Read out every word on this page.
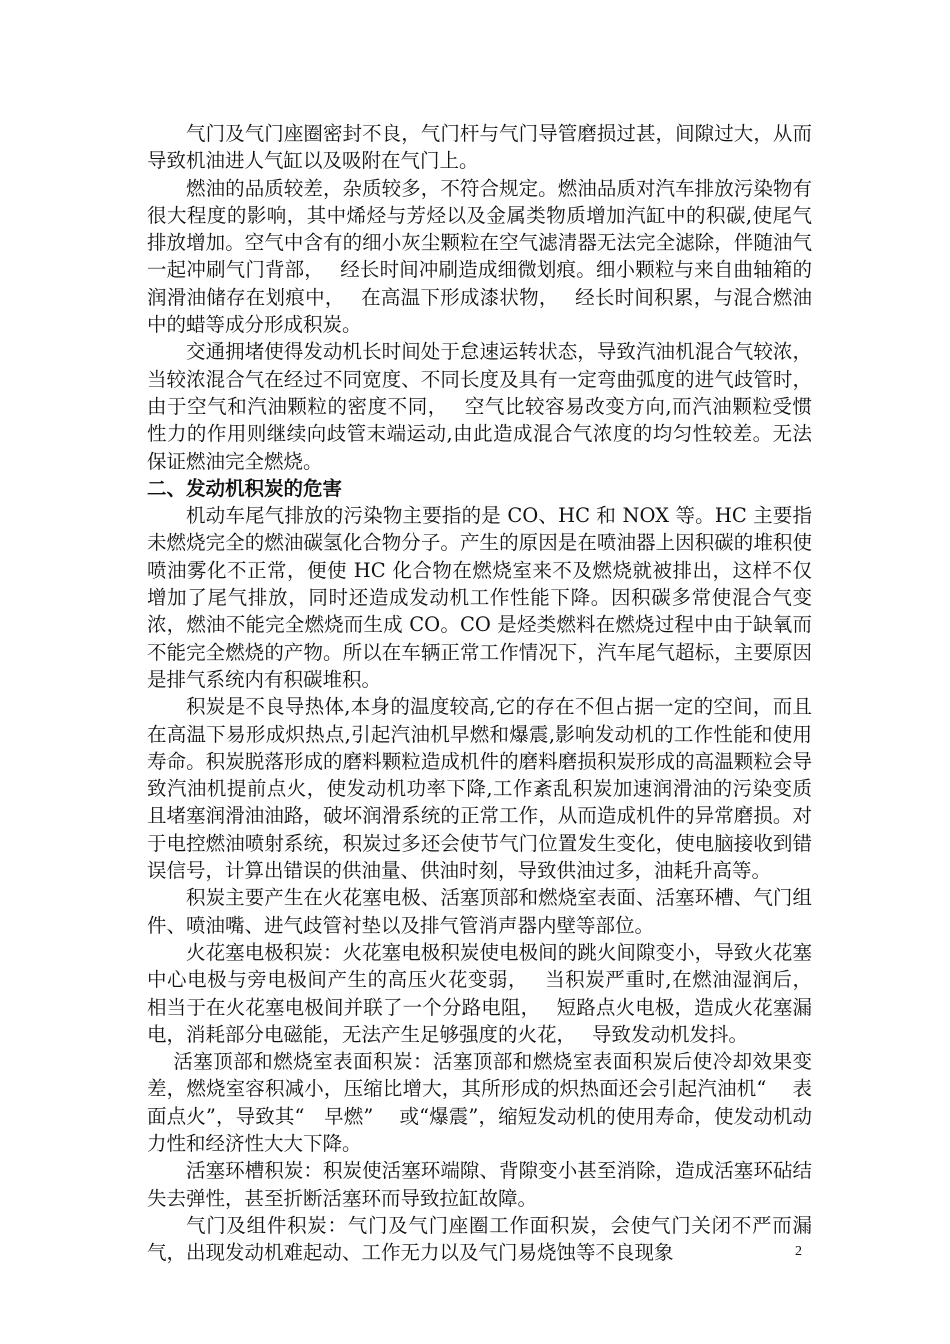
气门及气门座圈密封不良，气门杆与气门导管磨损过甚，间隙过大，从而导致机油进人气缸以及吸附在气门上。

燃油的品质较差，杂质较多，不符合规定。燃油品质对汽车排放污染物有很大程度的影响，其中烯烃与芳烃以及金属类物质增加汽缸中的积碳,使尾气排放增加。空气中含有的细小灰尘颗粒在空气滤清器无法完全滤除，伴随油气一起冲刷气门背部，　 经长时间冲刷造成细微划痕。细小颗粒与来自曲轴箱的润滑油储存在划痕中，　 在高温下形成漆状物，　 经长时间积累，与混合燃油中的蜡等成分形成积炭。

交通拥堵使得发动机长时间处于怠速运转状态，导致汽油机混合气较浓，当较浓混合气在经过不同宽度、不同长度及具有一定弯曲弧度的进气歧管时，由于空气和汽油颗粒的密度不同，　 空气比较容易改变方向,而汽油颗粒受惯性力的作用则继续向歧管末端运动,由此造成混合气浓度的均匀性较差。无法保证燃油完全燃烧。

二、发动机积炭的危害

机动车尾气排放的污染物主要指的是 CO、HC 和 NOX 等。HC 主要指未燃烧完全的燃油碳氢化合物分子。产生的原因是在喷油器上因积碳的堆积使喷油雾化不正常，便使 HC 化合物在燃烧室来不及燃烧就被排出，这样不仅增加了尾气排放，同时还造成发动机工作性能下降。因积碳多常使混合气变浓，燃油不能完全燃烧而生成 CO。CO 是烃类燃料在燃烧过程中由于缺氧而不能完全燃烧的产物。所以在车辆正常工作情况下，汽车尾气超标，主要原因是排气系统内有积碳堆积。

积炭是不良导热体,本身的温度较高,它的存在不但占据一定的空间，而且在高温下易形成炽热点,引起汽油机早燃和爆震,影响发动机的工作性能和使用寿命。积炭脱落形成的磨料颗粒造成机件的磨料磨损积炭形成的高温颗粒会导致汽油机提前点火，使发动机功率下降,工作紊乱积炭加速润滑油的污染变质且堵塞润滑油油路，破坏润滑系统的正常工作，从而造成机件的异常磨损。对于电控燃油喷射系统，积炭过多还会使节气门位置发生变化，使电脑接收到错误信号，计算出错误的供油量、供油时刻，导致供油过多，油耗升高等。

积炭主要产生在火花塞电极、活塞顶部和燃烧室表面、活塞环槽、气门组件、喷油嘴、进气歧管衬垫以及排气管消声器内壁等部位。

火花塞电极积炭：火花塞电极积炭使电极间的跳火间隙变小，导致火花塞中心电极与旁电极间产生的高压火花变弱，　 当积炭严重时,在燃油湿润后，相当于在火花塞电极间并联了一个分路电阻，　 短路点火电极，造成火花塞漏电，消耗部分电磁能，无法产生足够强度的火花，　 导致发动机发抖。

活塞顶部和燃烧室表面积炭：活塞顶部和燃烧室表面积炭后使冷却效果变差，燃烧室容积减小，压缩比增大，其所形成的炽热面还会引起汽油机“　 表面点火”，导致其“　早燃”　 或“爆震”，缩短发动机的使用寿命，使发动机动力性和经济性大大下降。

活塞环槽积炭：积炭使活塞环端隙、背隙变小甚至消除，造成活塞环砧结失去弹性，甚至折断活塞环而导致拉缸故障。

气门及组件积炭：气门及气门座圈工作面积炭，会使气门关闭不严而漏气，出现发动机难起动、工作无力以及气门易烧蚀等不良现象	2
